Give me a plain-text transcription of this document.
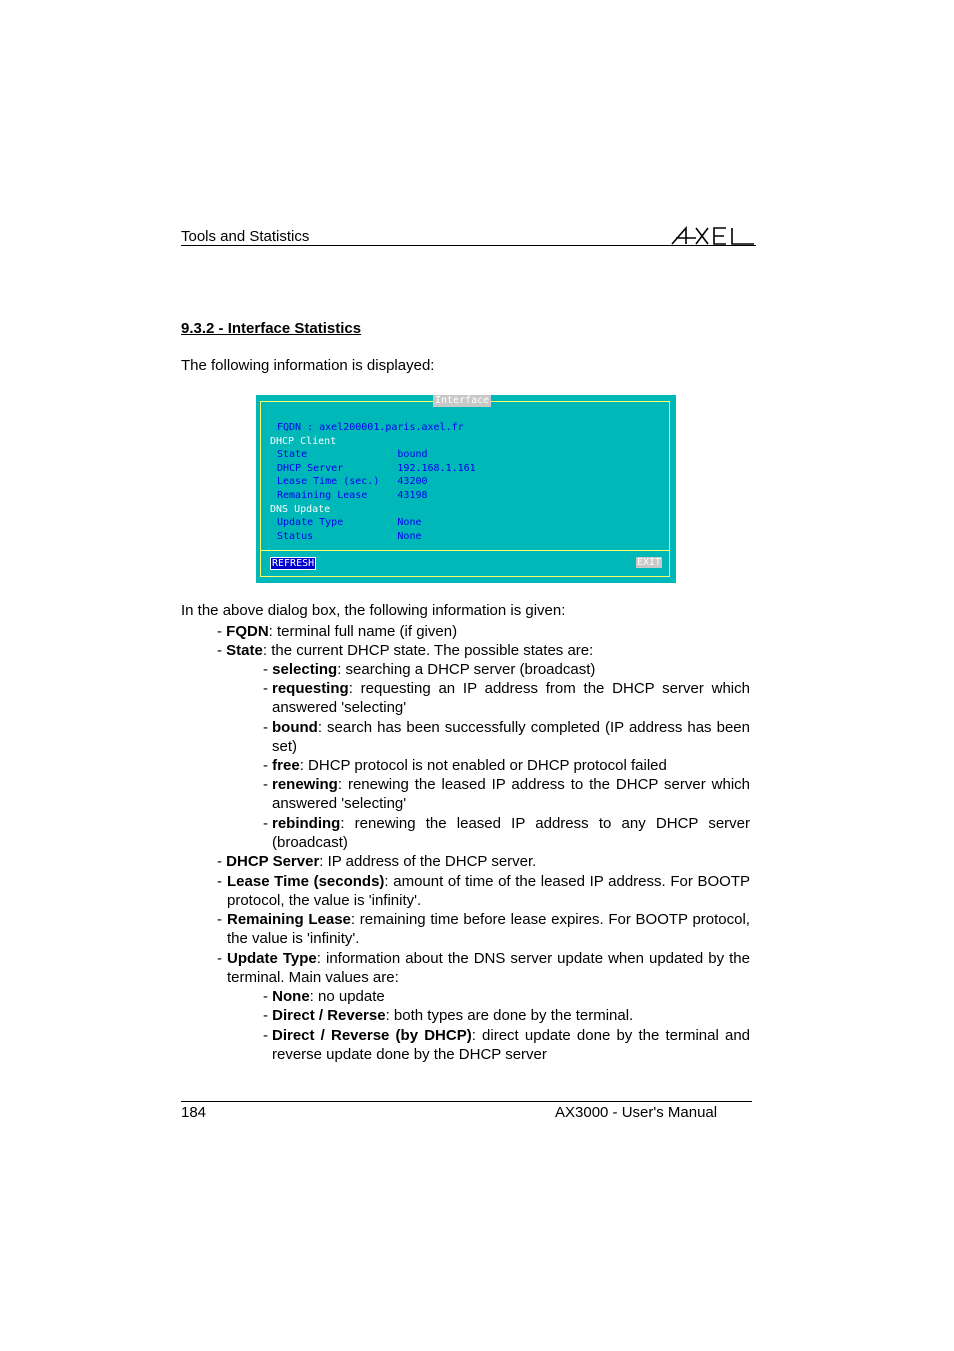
Tools and Statistics
9.3.2 - Interface Statistics
The following information is displayed:
Interface
FQDN : axel200001.paris.axel.fr
DHCP Client
State               bound
DHCP Server         192.168.1.161
Lease Time (sec.)   43200
Remaining Lease     43198
DNS Update
Update Type         None
Status              None
REFRESH	EXIT
In the above dialog box, the following information is given:
- FQDN: terminal full name (if given)
- State: the current DHCP state. The possible states are:
- selecting: searching a DHCP server (broadcast)
- requesting: requesting an IP address from the DHCP server which answered 'selecting'
- bound: search has been successfully completed (IP address has been set)
- free: DHCP protocol is not enabled or DHCP protocol failed
- renewing: renewing the leased IP address to the DHCP server which answered 'selecting'
- rebinding: renewing the leased IP address to any DHCP server (broadcast)
- DHCP Server: IP address of the DHCP server.
- Lease Time (seconds): amount of time of the leased IP address. For BOOTP protocol, the value is 'infinity'.
- Remaining Lease: remaining time before lease expires. For BOOTP protocol, the value is 'infinity'.
- Update Type: information about the DNS server update when updated by the terminal. Main values are:
- None: no update
- Direct / Reverse: both types are done by the terminal.
- Direct / Reverse (by DHCP): direct update done by the terminal and reverse update done by the DHCP server
184	AX3000 - User's Manual
